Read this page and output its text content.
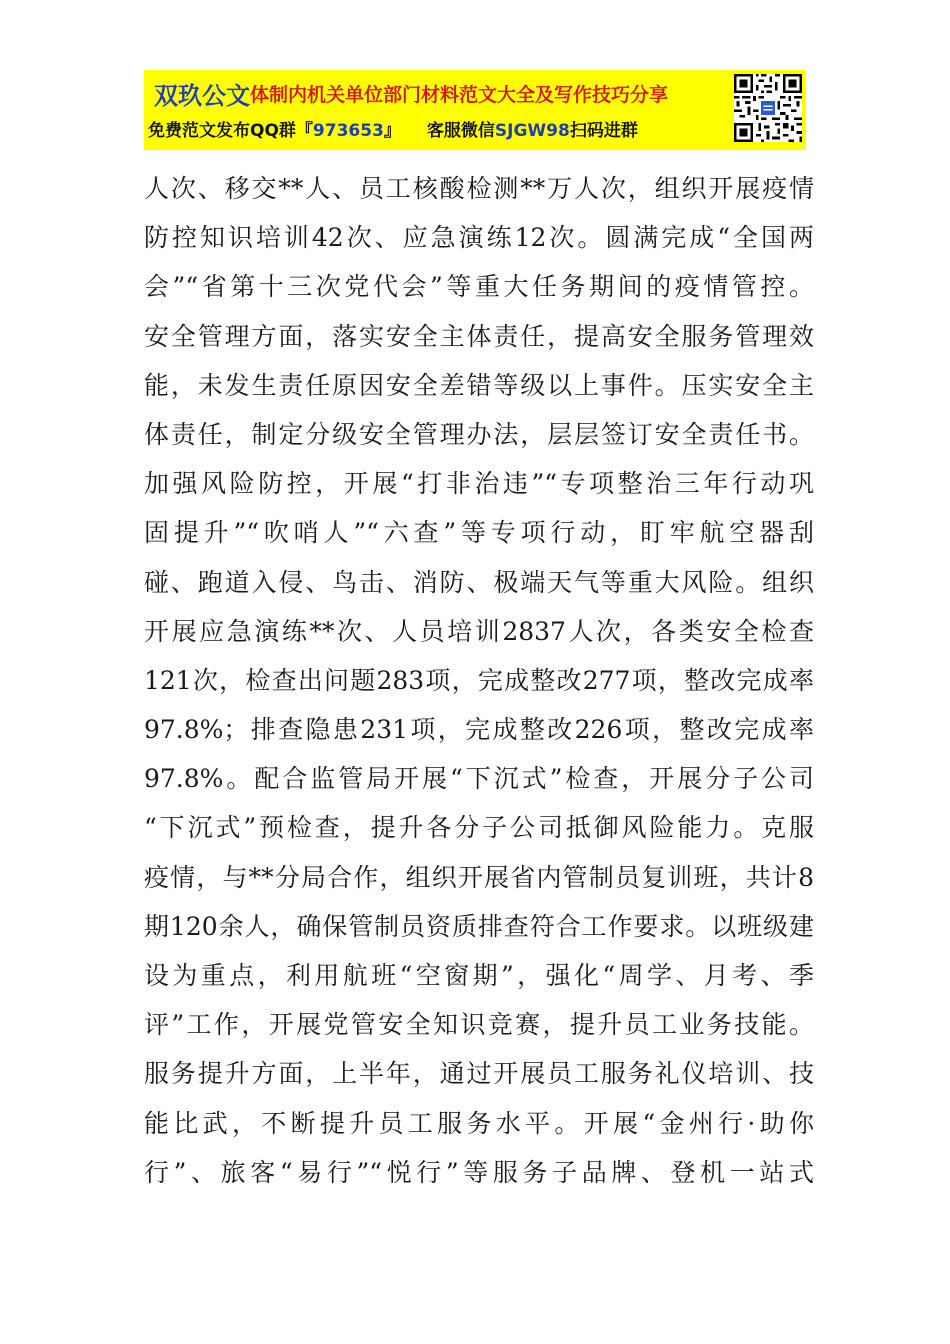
双玖公文体制内机关单位部门材料范文大全及写作技巧分享
免费范文发布QQ群『973653』 客服微信SJGW98扫码进群
人次、移交**人、员工核酸检测**万人次，组织开展疫情
防控知识培训42次、应急演练12次。圆满完成“全国两
会”“省第十三次党代会”等重大任务期间的疫情管控。
安全管理方面，落实安全主体责任，提高安全服务管理效
能，未发生责任原因安全差错等级以上事件。压实安全主
体责任，制定分级安全管理办法，层层签订安全责任书。
加强风险防控，开展“打非治违”“专项整治三年行动巩
固提升”“吹哨人”“六查”等专项行动，盯牢航空器刮
碰、跑道入侵、鸟击、消防、极端天气等重大风险。组织
开展应急演练**次、人员培训2837人次，各类安全检查
121次，检查出问题283项，完成整改277项，整改完成率
97.8%；排查隐患231项，完成整改226项，整改完成率
97.8%。配合监管局开展“下沉式”检查，开展分子公司
“下沉式”预检查，提升各分子公司抵御风险能力。克服
疫情，与**分局合作，组织开展省内管制员复训班，共计8
期120余人，确保管制员资质排查符合工作要求。以班级建
设为重点，利用航班“空窗期”，强化“周学、月考、季
评”工作，开展党管安全知识竞赛，提升员工业务技能。
服务提升方面，上半年，通过开展员工服务礼仪培训、技
能比武，不断提升员工服务水平。开展“金州行·助你
行”、旅客“易行”“悦行”等服务子品牌、登机一站式
